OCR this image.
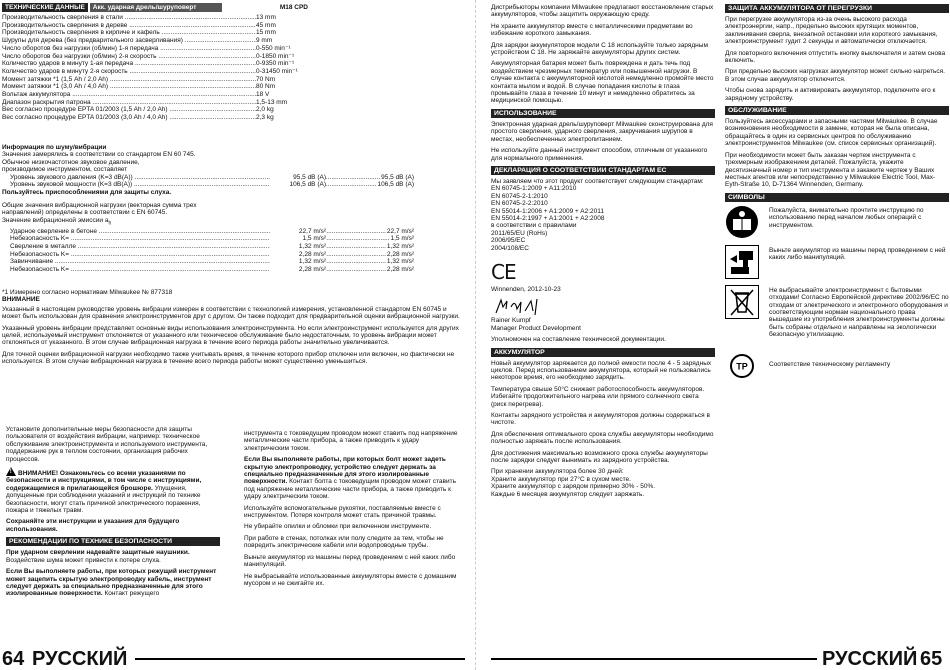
ТЕХНИЧЕСКИЕ ДАННЫЕ	Акк. ударная дрель/шуруповерт	M18 CPD
Производительность сверления в стали .....	13 mm
Производительность сверления в дереве .....	45 mm
Производительность сверления в кирпиче и кафель .....	15 mm
Шурупы для дерева (без предварительного засверливания) .....	9 mm
Число оборотов без нагрузки (об/мин) 1-я передача .....	0-550 min⁻¹
Число оборотов без нагрузки (об/мин) 2-я скорость .....	0-1850 min⁻¹
Количество ударов в минуту 1-ая передача .....	0-9350 min⁻¹
Количество ударов в минуту 2-я скорость .....	0-31450 min⁻¹
Момент затяжки *1 (1,5 Ah / 2,0 Ah) .....	70 Nm
Момент затяжки *1 (3,0 Ah / 4,0 Ah) .....	80 Nm
Вольтаж аккумулятора .....	18 V
Диапазон раскрытия патрона .....	1,5-13 mm
Вес согласно процедуре EPTA 01/2003 (1,5 Ah / 2,0 Ah) .....	2,0 kg
Вес согласно процедуре EPTA 01/2003 (3,0 Ah / 4,0 Ah) .....	2,3 kg
Информация по шуму/вибрации
Значения замерялись в соответствии со стандартом EN 60 745.
Обычное низкочастотное звуковое давление,
производимое инструментом, составляет
Уровень звукового давления (K=3 dB(A)) .....	95,5 dB (A)	..... 95,5 dB (A)
Уровень звуковой мощности (K=3 dB(A)) .....	106,5 dB (A)	..... 106,5 dB (A)
Пользуйтесь приспособлениями для защиты слуха.
Общие значения вибрационной нагрузки (векторная сумма трех
направлений) определены в соответствии с EN 60745.
Значение вибрационной эмиссии $a_h$
Ударное сверление в бетоне .....	22,7 m/s²	..... 22,7 m/s²
Небезопасность K= .....	1,5 m/s²	..... 1,5 m/s²
Сверление в металле .....	1,32 m/s²	..... 1,32 m/s²
Небезопасность K= .....	2,28 m/s²	..... 2,28 m/s²
Завинчивание .....	1,32 m/s²	..... 1,32 m/s²
Небезопасность K= .....	2,28 m/s²	..... 2,28 m/s²
*1 Измерено согласно нормативам Milwaukee № 877318
ВНИМАНИЕ
Указанный в настоящем руководстве уровень вибрации измерен в соответствии с технологией измерения, установленной стандартом EN 60745 и может быть использован для сравнения электроинструментов друг с другом. Он также подходит для предварительной оценки вибрационной нагрузки.
Указанный уровень вибрации представляет основные виды использования электроинструмента. Но если электроинструмент используется для других целей, используемый инструмент отклоняется от указанного или техническое обслуживание было недостаточным, то уровень вибрации может отклоняться от указанного. В этом случае вибрационная нагрузка в течение всего периода работы значительно увеличивается.
Для точной оценки вибрационной нагрузки необходимо также учитывать время, в течение которого прибор отключен или включен, но фактически не используется. В этом случае вибрационная нагрузка в течение всего периода работы может существенно уменьшиться.
Установите дополнительные меры безопасности для защиты пользователя от воздействия вибрации, например: техническое обслуживание электроинструмента и используемого инструмента, поддержание рук в теплом состоянии, организация рабочих процессов.
!ВНИМАНИЕ! Ознакомьтесь со всеми указаниями по безопасности и инструкциями, в том числе с инструкциями, содержащимися в прилагающейся брошюре. Упущения, допущенные при соблюдении указаний и инструкций по технике безопасности, могут стать причиной электрического поражения, пожара и тяжелых травм.
Сохраняйте эти инструкции и указания для будущего использования.
РЕКОМЕНДАЦИИ ПО ТЕХНИКЕ БЕЗОПАСНОСТИ
При ударном сверлении надевайте защитные наушники. Воздействие шума может привести к потере слуха.
Если Вы выполняете работы, при которых режущий инструмент может зацепить скрытую электропроводку кабель, инструмент следует держать за специально предназначенные для этого изолированные поверхности. Контакт режущего
инструмента с токоведущим проводом может ставить под напряжение металлические части прибора, а также приводить к удару электрическим током.
Если Вы выполняете работы, при которых болт может задеть скрытую электропроводку, устройство следует держать за специально предназначенные для этого изолированные поверхности. Контакт болта с токоведущим проводом может ставить под напряжение металлические части прибора, а также приводить к удару электрическим током.
Используйте вспомогательные рукоятки, поставляемые вместе с инструментом. Потеря контроля может стать причиной травмы.
Не убирайте опилки и обломки при включенном инструменте.
При работе в стенах, потолках или полу следите за тем, чтобы не повредить электрические кабели или водопроводные трубы.
Выньте аккумулятор из машины перед проведением с ней каких либо манипуляций.
Не выбрасывайте использованные аккумуляторы вместе с домашним мусором и не сжигайте их.
64 РУССКИЙ
Дистрибьюторы компании Milwaukee предлагают восстановление старых аккумуляторов, чтобы защитить окружающую среду.
Не храните аккумулятор вместе с металлическими предметами во избежание короткого замыкания.
Для зарядки аккумуляторов модели C 18 используйте только зарядным устройством C 18. Не заряжайте аккумуляторы других систем.
Аккумуляторная батарея может быть повреждена и дать течь под воздействием чрезмерных температур или повышенной нагрузки. В случае контакта с аккумуляторной кислотой немедленно промойте место контакта мылом и водой. В случае попадания кислоты в глаза промывайте глаза в течение 10 минут и немедленно обратитесь за медицинской помощью.
ИСПОЛЬЗОВАНИЕ
Электронная ударная дрель/шуруповерт Milwaukee сконструирована для простого сверления, ударного сверления, закручивания шурупов в местах, необеспеченных электропитанием.
Не используйте данный инструмент способом, отличным от указанного для нормального применения.
ДЕКЛАРАЦИЯ О СООТВЕТСТВИИ СТАНДАРТАМ ЕС
Мы заявляем что этот продукт соответствует следующим стандартам:
EN 60745-1:2009 + A11:2010
EN 60745-2-1:2010
EN 60745-2-2:2010
EN 55014-1:2006 + A1:2009 + A2:2011
EN 55014-2:1997 + A1:2001 + A2:2008
в соответствии с правилами
2011/65/EU (RoHs)
2006/95/EC
2004/108/EC
CE
Winnenden, 2012-10-23
Rainer Kumpf
Manager Product Development
Уполномочен на составление технической документации.
АККУМУЛЯТОР
Новый аккумулятор заряжается до полной емкости после 4 - 5 зарядных циклов. Перед использованием аккумулятора, который не пользовались некоторое время, его необходимо зарядить.
Температура свыше 50°C снижает работоспособность аккумуляторов. Избегайте продолжительного нагрева или прямого солнечного света (риск перегрева).
Контакты зарядного устройства и аккумуляторов должны содержаться в чистоте.
Для обеспечения оптимального срока службы аккумуляторы необходимо полностью заряжать после использования.
Для достижения максимально возможного срока службы аккумуляторы после зарядки следует вынимать из зарядного устройства.
При хранении аккумулятора более 30 дней:
Храните аккумулятор при 27°C в сухом месте.
Храните аккумулятор с зарядом примерно 30% - 50%.
Каждые 6 месяцев аккумулятор следует заряжать.
ЗАЩИТА АККУМУЛЯТОРА ОТ ПЕРЕГРУЗКИ
При перегрузке аккумулятора из-за очень высокого расхода электроэнергии, напр., предельно высоких крутящих моментов, заклинивания сверла, внезапной остановки или короткого замыкания, электроинструмент гудит 2 секунды и автоматически отключается.
Для повторного включения отпустить кнопку выключателя и затем снова включить.
При предельно высоких нагрузках аккумулятор может сильно нагреться. В этом случае аккумулятор отключится.
Чтобы снова зарядить и активировать аккумулятор, подключите его к зарядному устройству.
ОБСЛУЖИВАНИЕ
Пользуйтесь аксессуарами и запасными частями Milwaukee. В случае возникновения необходимости в замене, которая не была описана, обращайтесь в один из сервисных центров по обслуживанию электроинструментов Milwaukee (см. список сервисных организаций).
При необходимости может быть заказан чертеж инструмента с трехмерным изображением деталей. Пожалуйста, укажите десятизначный номер и тип инструмента и закажите чертеж у Ваших местных агентов или непосредственно у Milwaukee Electric Tool, Max-Eyth-Straße 10, D-71364 Winnenden, Germany.
СИМВОЛЫ
Пожалуйста, внимательно прочтите инструкцию по использованию перед началом любых операций с инструментом.
Выньте аккумулятор из машины перед проведением с ней каких либо манипуляций.
Не выбрасывайте электроинструмент с бытовыми отходами! Согласно Европейской директиве 2002/96/EC по отходам от электрического и электронного оборудования и соответствующим нормам национального права вышедшие из употребления электроинструменты должны быть собраны отдельно и направлены на экологически безопасную утилизацию.
ТР	Соответствие техническому регламенту
РУССКИЙ 65
